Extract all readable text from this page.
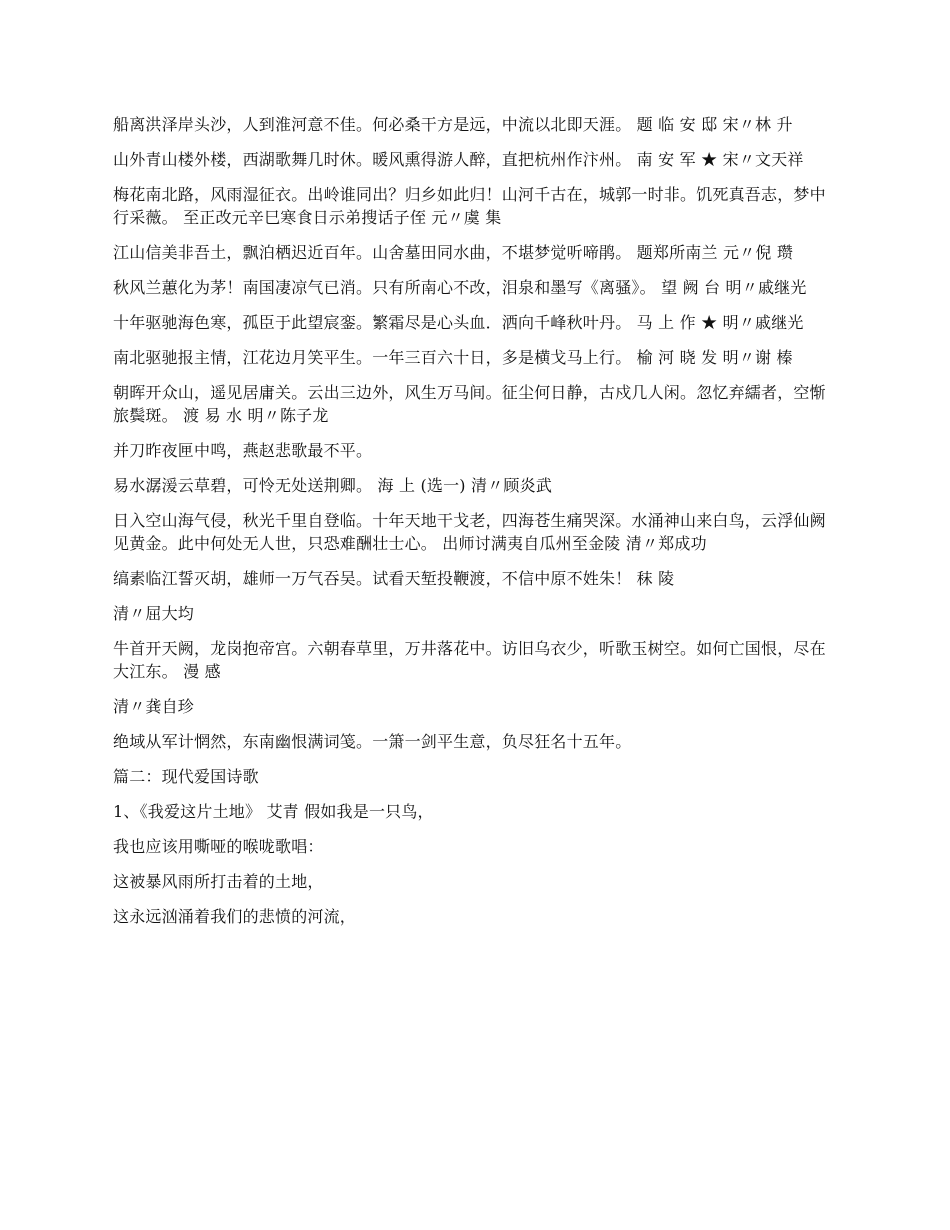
船离洪泽岸头沙，人到淮河意不佳。何必桑干方是远，中流以北即天涯。 题 临 安 邸 宋〃林 升

山外青山楼外楼，西湖歌舞几时休。暖风熏得游人醉，直把杭州作汴州。 南 安 军 ★ 宋〃文天祥

梅花南北路，风雨湿征衣。出岭谁同出？归乡如此归！山河千古在，城郭一时非。饥死真吾志，梦中行采薇。 至正改元辛巳寒食日示弟搜话子侄 元〃虞 集

江山信美非吾土，飘泊栖迟近百年。山舍墓田同水曲，不堪梦觉听啼鹃。 题郑所南兰 元〃倪 瓒

秋风兰蕙化为茅！南国凄凉气已消。只有所南心不改，泪泉和墨写《离骚》。 望 阙 台 明〃戚继光

十年驱驰海色寒，孤臣于此望宸銮。繁霜尽是心头血．洒向千峰秋叶丹。 马 上 作 ★ 明〃戚继光

南北驱驰报主情，江花边月笑平生。一年三百六十日，多是横戈马上行。 榆 河 晓 发 明〃谢 榛

朝晖开众山，遥见居庸关。云出三边外，风生万马间。征尘何日静，古戍几人闲。忽忆弃繻者，空惭旅鬓斑。 渡 易 水 明〃陈子龙

并刀昨夜匣中鸣，燕赵悲歌最不平。

易水潺湲云草碧，可怜无处送荆卿。 海 上 (选一) 清〃顾炎武

日入空山海气侵，秋光千里自登临。十年天地干戈老，四海苍生痛哭深。水涌神山来白鸟，云浮仙阙见黄金。此中何处无人世，只恐难酬壮士心。 出师讨满夷自瓜州至金陵 清〃郑成功

缟素临江誓灭胡，雄师一万气吞吴。试看天堑投鞭渡，不信中原不姓朱！ 秣 陵

清〃屈大均

牛首开天阙，龙岗抱帝宫。六朝春草里，万井落花中。访旧乌衣少，听歌玉树空。如何亡国恨，尽在大江东。 漫 感

清〃龚自珍

绝域从军计惘然，东南幽恨满词笺。一箫一剑平生意，负尽狂名十五年。

篇二：现代爱国诗歌

1、《我爱这片土地》 艾青 假如我是一只鸟，

我也应该用嘶哑的喉咙歌唱：

这被暴风雨所打击着的土地，

这永远汹涌着我们的悲愤的河流，
